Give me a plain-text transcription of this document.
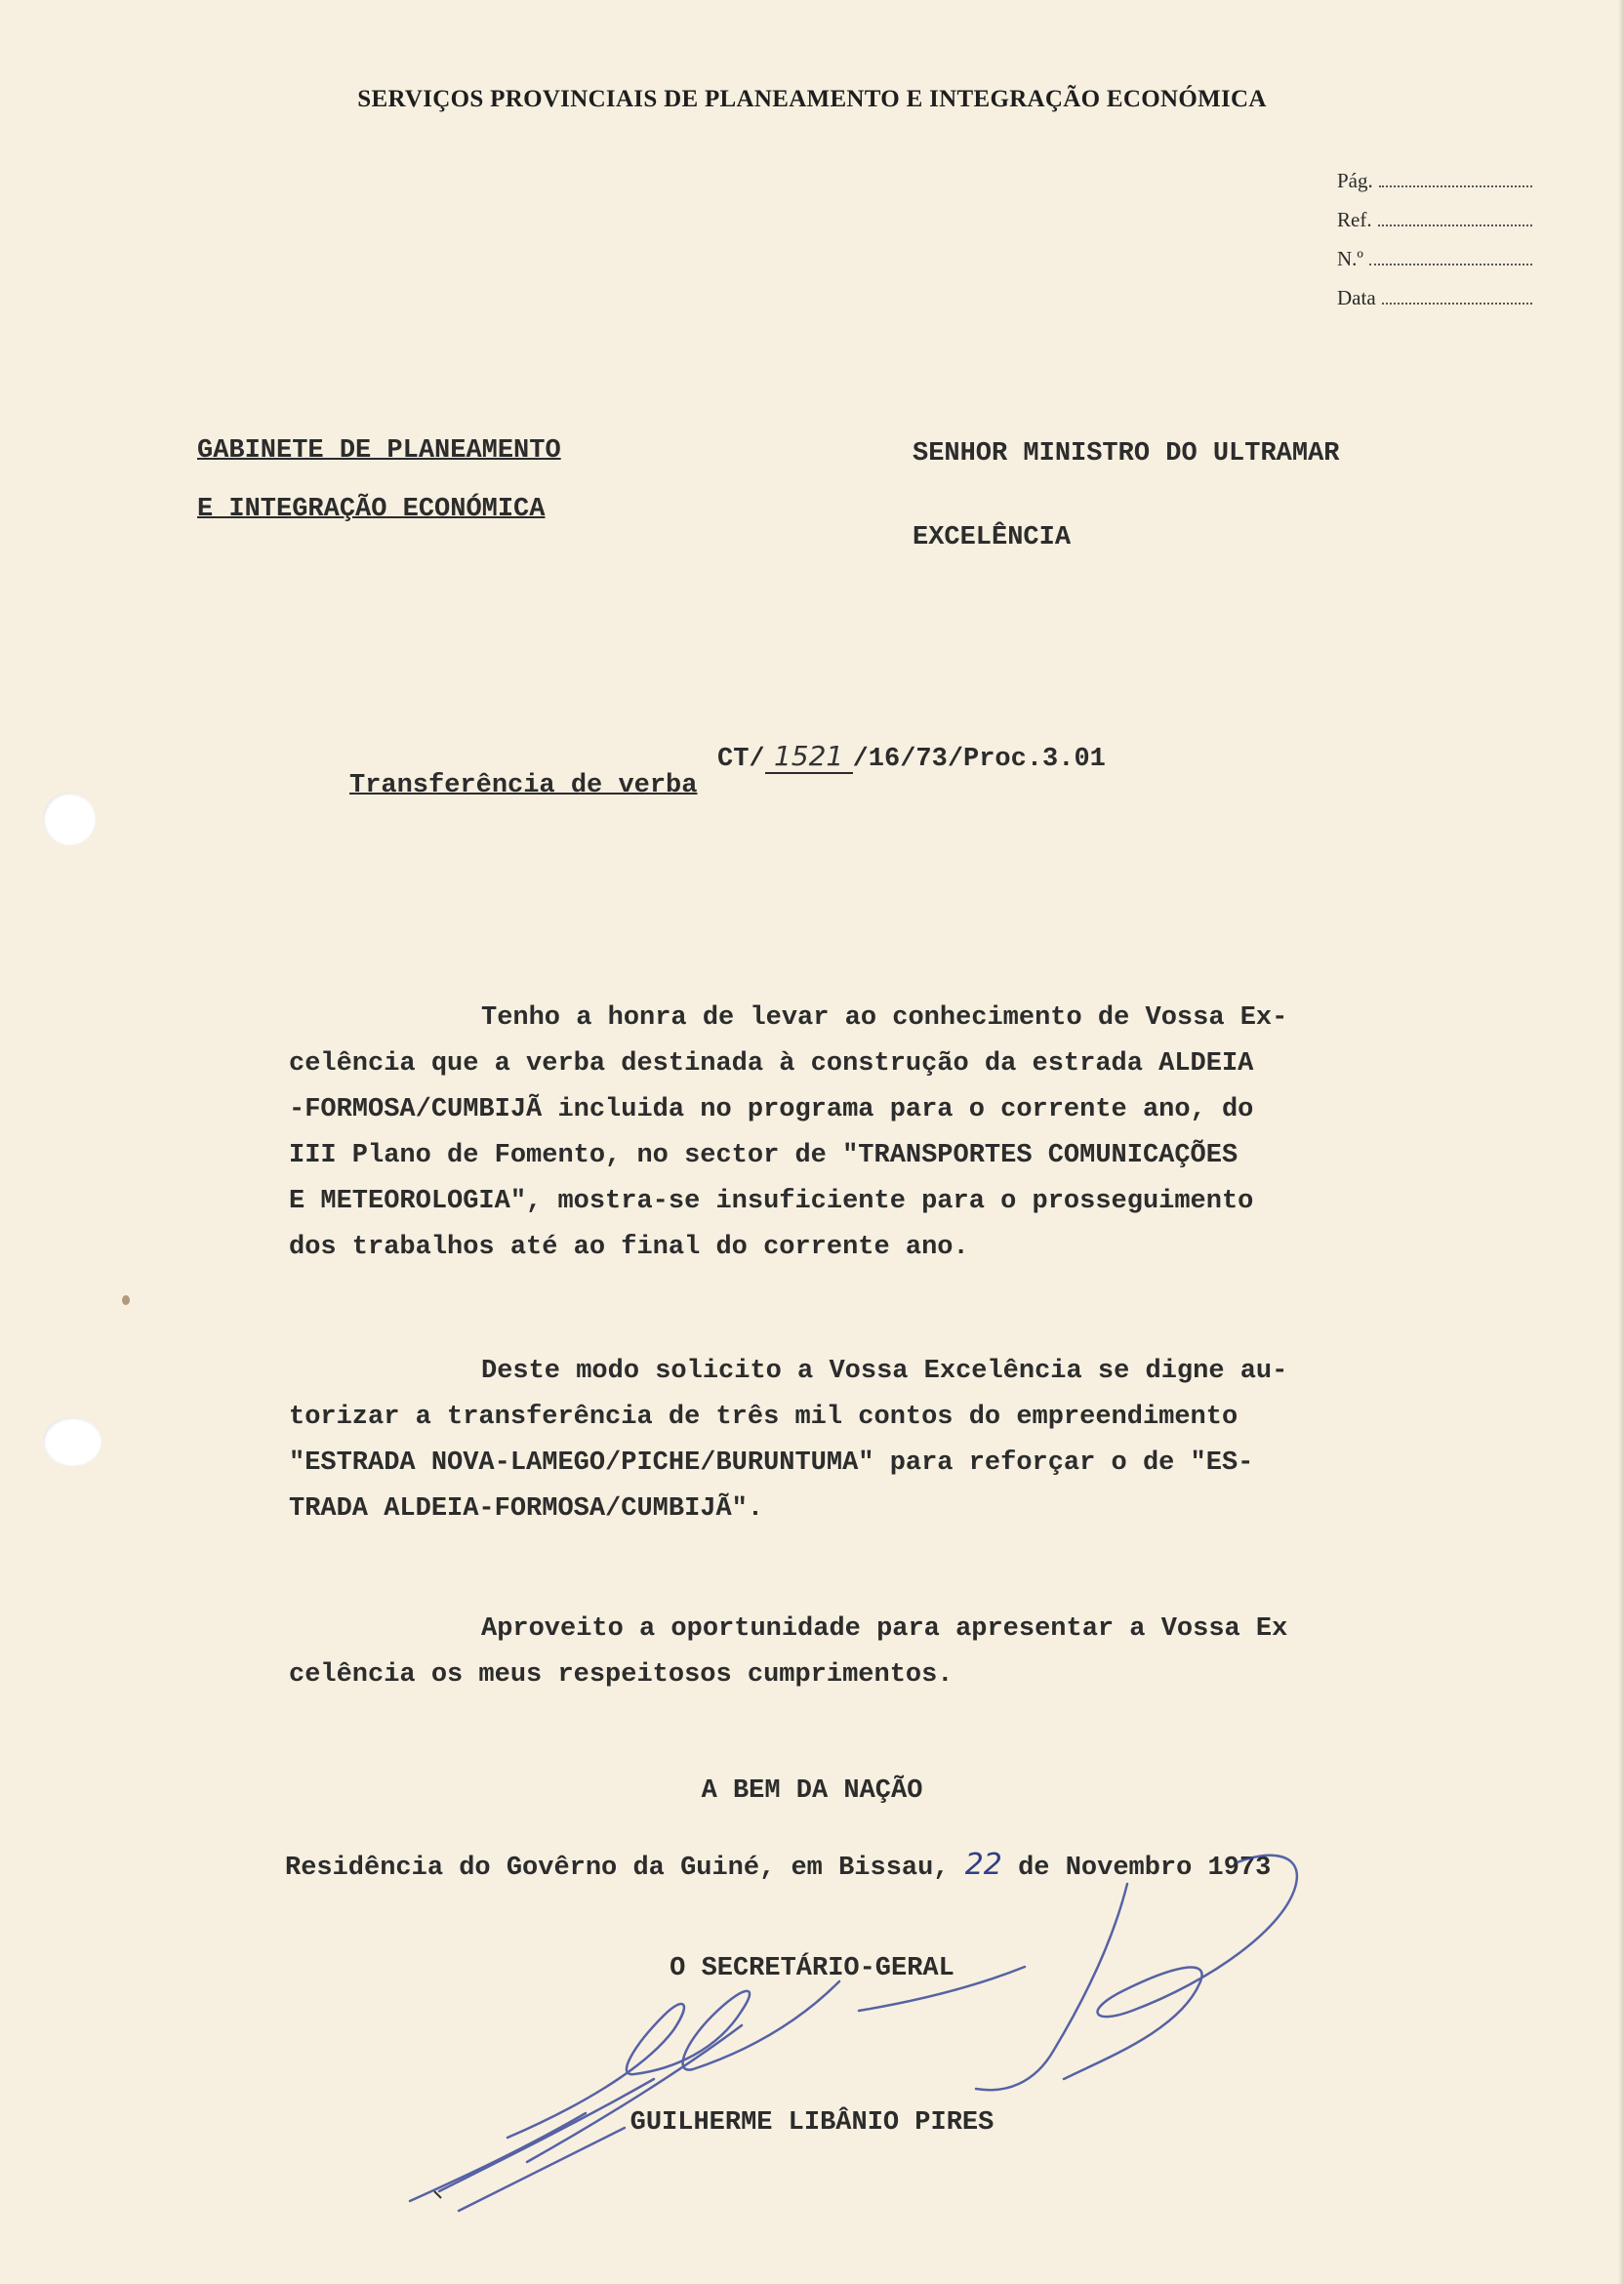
SERVIÇOS PROVINCIAIS DE PLANEAMENTO E INTEGRAÇÃO ECONÓMICA
Pág.
Ref.
N.º
Data
GABINETE DE PLANEAMENTO
E INTEGRAÇÃO ECONÓMICA
SENHOR MINISTRO DO ULTRAMAR
EXCELÊNCIA
CT/ 1521 /16/73/Proc.3.01
Transferência de verba
Tenho a honra de levar ao conhecimento de Vossa Ex-
celência que a verba destinada à construção da estrada ALDEIA
-FORMOSA/CUMBIJÃ incluida no programa para o corrente ano, do
III Plano de Fomento, no sector de "TRANSPORTES COMUNICAÇÕES
E METEOROLOGIA", mostra-se insuficiente para o prosseguimento
dos trabalhos até ao final do corrente ano.
Deste modo solicito a Vossa Excelência se digne au-
torizar a transferência de três mil contos do empreendimento
"ESTRADA NOVA-LAMEGO/PICHE/BURUNTUMA" para reforçar o de "ES-
TRADA ALDEIA-FORMOSA/CUMBIJÃ".
Aproveito a oportunidade para apresentar a Vossa Ex
celência os meus respeitosos cumprimentos.
A BEM DA NAÇÃO
Residência do Govêrno da Guiné, em Bissau, 22 de Novembro 1973
O SECRETÁRIO-GERAL
GUILHERME LIBÂNIO PIRES
